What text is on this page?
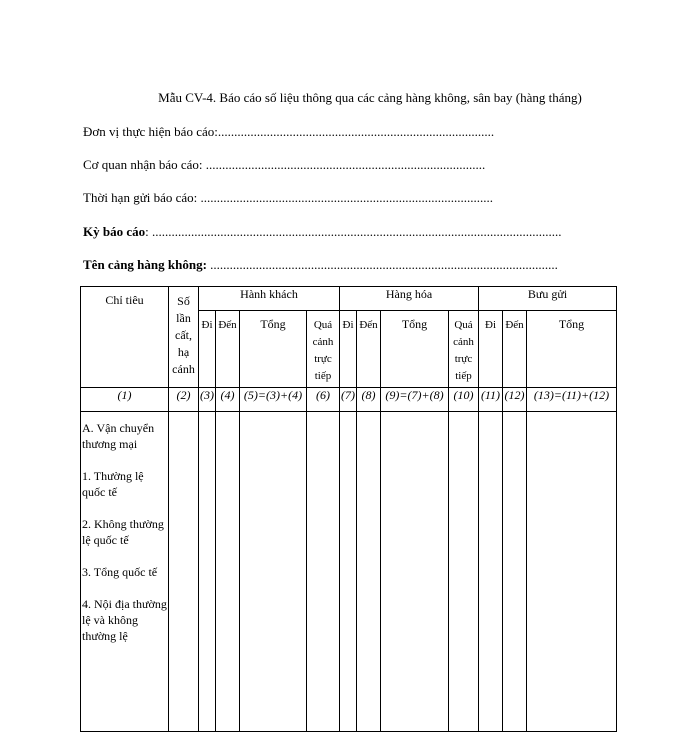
Mẫu CV-4. Báo cáo số liệu thông qua các cảng hàng không, sân bay (hàng tháng)
Đơn vị thực hiện báo cáo:.....................................................................................
Cơ quan nhận báo cáo: ......................................................................................
Thời hạn gửi báo cáo: ..........................................................................................
Kỳ báo cáo: ..............................................................................................................................
Tên cảng hàng không: ...........................................................................................................
Chỉ tiêu	Số lần cất, hạ cánh	Hành khách				Hàng hóa				Bưu gửi		
		Đi	Đến	Tổng	Quá cảnh trực tiếp	Đi	Đến	Tổng	Quá cảnh trực tiếp	Đi	Đến	Tổng
(1)	(2)	(3)	(4)	(5)=(3)+(4)	(6)	(7)	(8)	(9)=(7)+(8)	(10)	(11)	(12)	(13)=(11)+(12)
A. Vận chuyển thương mại
1. Thường lệ quốc tế
2. Không thường lệ quốc tế
3. Tổng quốc tế
4. Nội địa thường lệ và không thường lệ												
